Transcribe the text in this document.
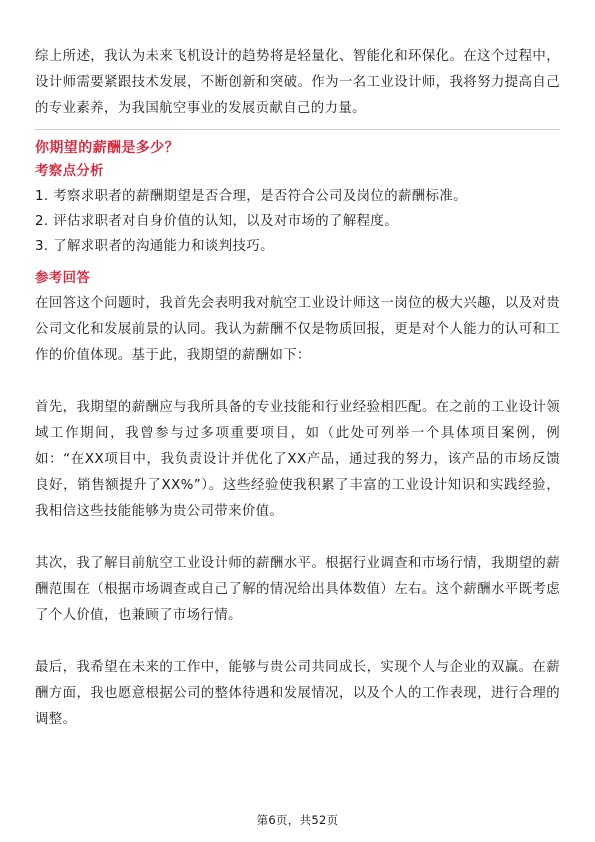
综上所述，我认为未来飞机设计的趋势将是轻量化、智能化和环保化。在这个过程中，设计师需要紧跟技术发展，不断创新和突破。作为一名工业设计师，我将努力提高自己的专业素养，为我国航空事业的发展贡献自己的力量。

你期望的薪酬是多少？
考察点分析

1. 考察求职者的薪酬期望是否合理，是否符合公司及岗位的薪酬标准。

2. 评估求职者对自身价值的认知，以及对市场的了解程度。

3. 了解求职者的沟通能力和谈判技巧。

参考回答

在回答这个问题时，我首先会表明我对航空工业设计师这一岗位的极大兴趣，以及对贵公司文化和发展前景的认同。我认为薪酬不仅是物质回报，更是对个人能力的认可和工作的价值体现。基于此，我期望的薪酬如下：

首先，我期望的薪酬应与我所具备的专业技能和行业经验相匹配。在之前的工业设计领域工作期间，我曾参与过多项重要项目，如（此处可列举一个具体项目案例，例如：“在XX项目中，我负责设计并优化了XX产品，通过我的努力，该产品的市场反馈良好，销售额提升了XX%”）。这些经验使我积累了丰富的工业设计知识和实践经验，我相信这些技能能够为贵公司带来价值。

其次，我了解目前航空工业设计师的薪酬水平。根据行业调查和市场行情，我期望的薪酬范围在（根据市场调查或自己了解的情况给出具体数值）左右。这个薪酬水平既考虑了个人价值，也兼顾了市场行情。

最后，我希望在未来的工作中，能够与贵公司共同成长，实现个人与企业的双赢。在薪酬方面，我也愿意根据公司的整体待遇和发展情况，以及个人的工作表现，进行合理的调整。

第6页，共52页
